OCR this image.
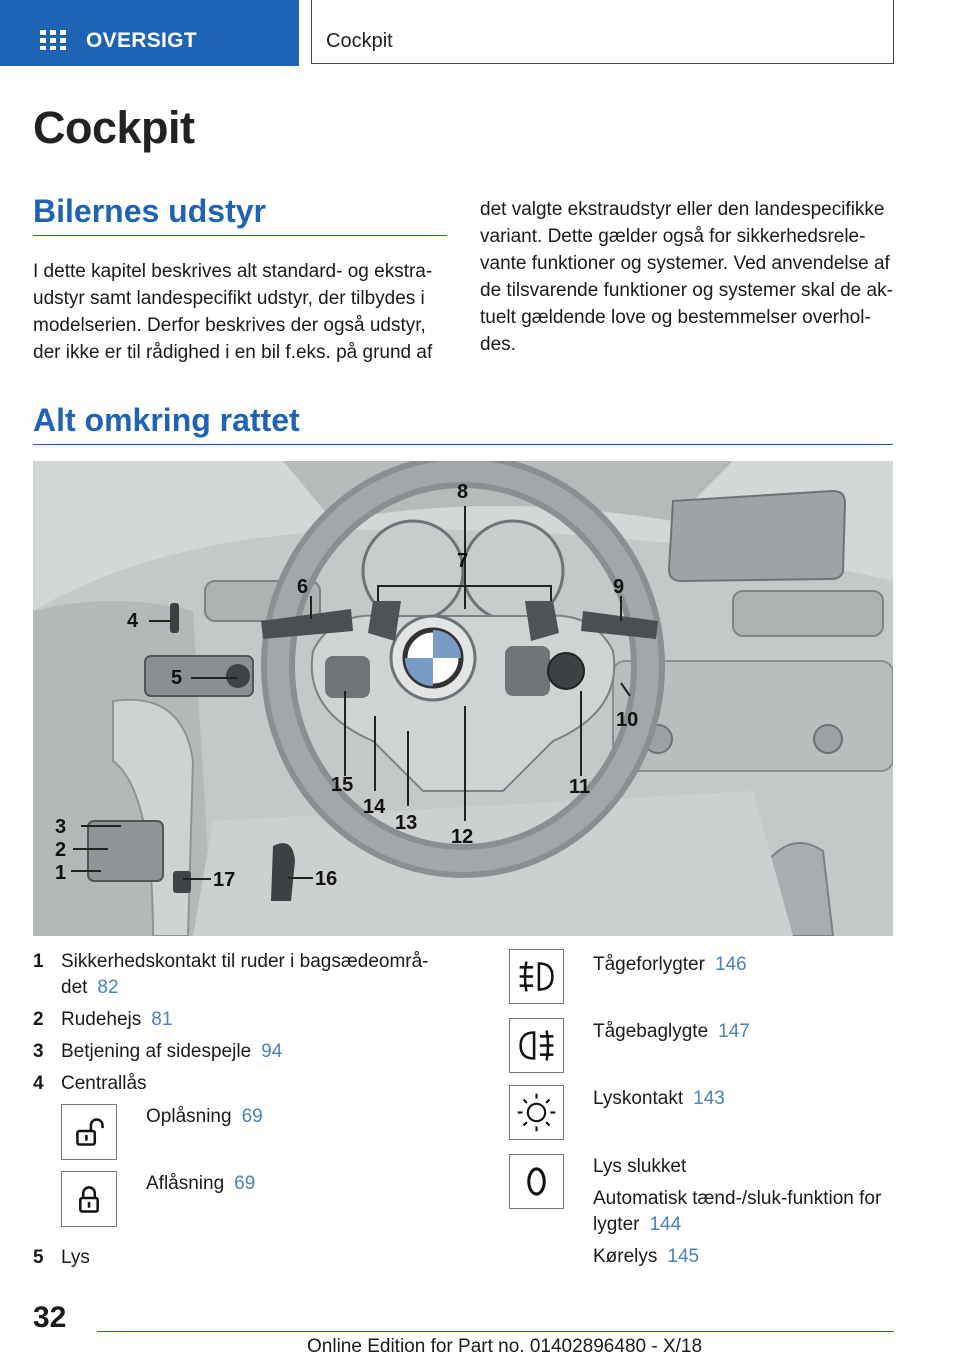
OVERSIGT	Cockpit
Cockpit
Bilernes udstyr
I dette kapitel beskrives alt standard- og ekstra-udstyr samt landespecifikt udstyr, der tilbydes i modelserien. Derfor beskrives der også udstyr, der ikke er til rådighed i en bil f.eks. på grund af
det valgte ekstraudstyr eller den landespecifikke variant. Dette gælder også for sikkerhedsrele-vante funktioner og systemer. Ved anvendelse af de tilsvarende funktioner og systemer skal de ak-tuelt gældende love og bestemmelser overhol-des.
Alt omkring rattet
8
7
6	9
4
5
10
15
14
13
12
11
3
2
1	17	16
1 Sikkerhedskontakt til ruder i bagsædeområ-
det 82
2 Rudehejs 81
3 Betjening af sidespejle 94
4 Centrallås
Oplåsning 69
Aflåsning 69
5 Lys
Tågeforlygter 146
Tågebaglygte 147
Lyskontakt 143
Lys slukket
Automatisk tænd-/sluk-funktion for
lygter 144
Kørelys 145
32
Online Edition for Part no. 01402896480 - X/18
